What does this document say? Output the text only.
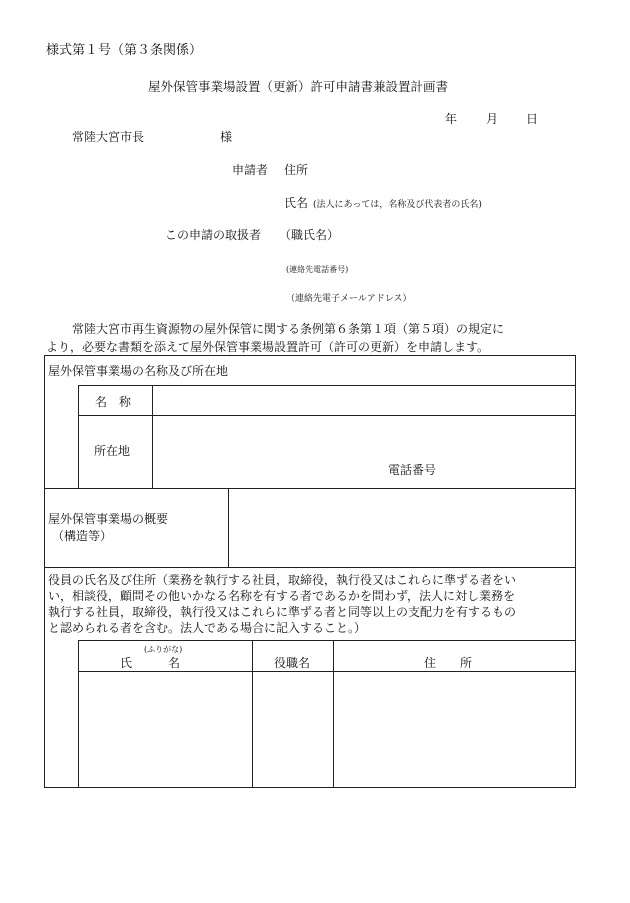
様式第１号（第３条関係）
屋外保管事業場設置（更新）許可申請書兼設置計画書
年 月 日
常陸大宮市長	様
申請者 住所
氏名 (法人にあっては，名称及び代表者の氏名)
この申請の取扱者 （職氏名）
(連絡先電話番号)
（連絡先電子メールアドレス）
常陸大宮市再生資源物の屋外保管に関する条例第６条第１項（第５項）の規定に
より，必要な書類を添えて屋外保管事業場設置許可（許可の更新）を申請します。
屋外保管事業場の名称及び所在地
名　称
所在地
電話番号
屋外保管事業場の概要
（構造等）
役員の氏名及び住所（業務を執行する社員，取締役，執行役又はこれらに準ずる者をい
い，相談役，顧問その他いかなる名称を有する者であるかを問わず，法人に対し業務を
執行する社員，取締役，執行役又はこれらに準ずる者と同等以上の支配力を有するもの
と認められる者を含む。法人である場合に記入すること。）
(ふりがな)
氏　　　名	役職名	住　　所
